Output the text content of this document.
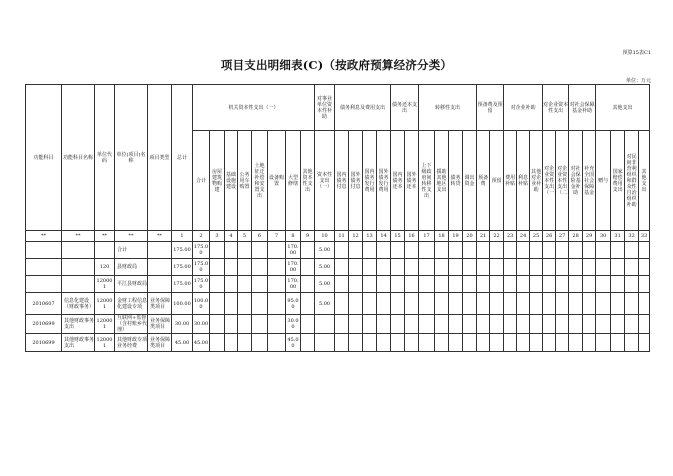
预算15表C1
项目支出明细表(C)（按政府预算经济分类）
单位：万元
功能科目	功能科目名称	单位代码	单位(项目)名称	项目类型	总计	机关资本性支出（一）								对事业单位资本性补助	债务利息及费用支出				债务还本支出		转移性支出				预备费及预留		对企业补助			对企业资本性支出		对社会保障基金补助		其他支出			
						合计	房屋建筑物购建	基础设施建设	公务用车购置	土地征迁补偿和安置支出	设备购置	大型修缮	其他资本性支出	资本性支出（一）	国内债务付息	国外债务付息	国内债务发行费用	国外债务发行费用	国内债务还本	国外债务还本	上下级政府间转移性支出	援助其他地区支出	债务转贷	调出资金	预备费	预留	费用补贴	利息补贴	其他对企业补助	对企业资本性支出（一）	对企业资本性支出（二）	对社会保险基金补助	补充全国社会保障基金	赠与	国家赔偿费用支出	对民间非营利组织和群众性自治组织补助	其他支出
**	**	**	**	**	1	2	3	4	5	6	7	8	9	10	11	12	13	14	15	16	17	18	19	20	21	22	23	24	25	26	27	28	29	30	31	32	33
			合计		175.00	175.00						170.00		5.00																							
		120	县财政局		175.00	175.00						170.00		5.00																							
		120001	平江县财政局		175.00	175.00						170.00		5.00																							
2010607	信息化建设（财政事务）	120001	金财工程信息化建设专项	业务保障类项目	100.00	100.00						95.00		5.00																							
2010699	其他财政事务支出	120001	互联网+监督（含村账乡代理）	业务保障类项目	30.00	30.00						30.00																									
2010699	其他财政事务支出	120001	其他财政专项业务经费	业务保障类项目	45.00	45.00						45.00																									
